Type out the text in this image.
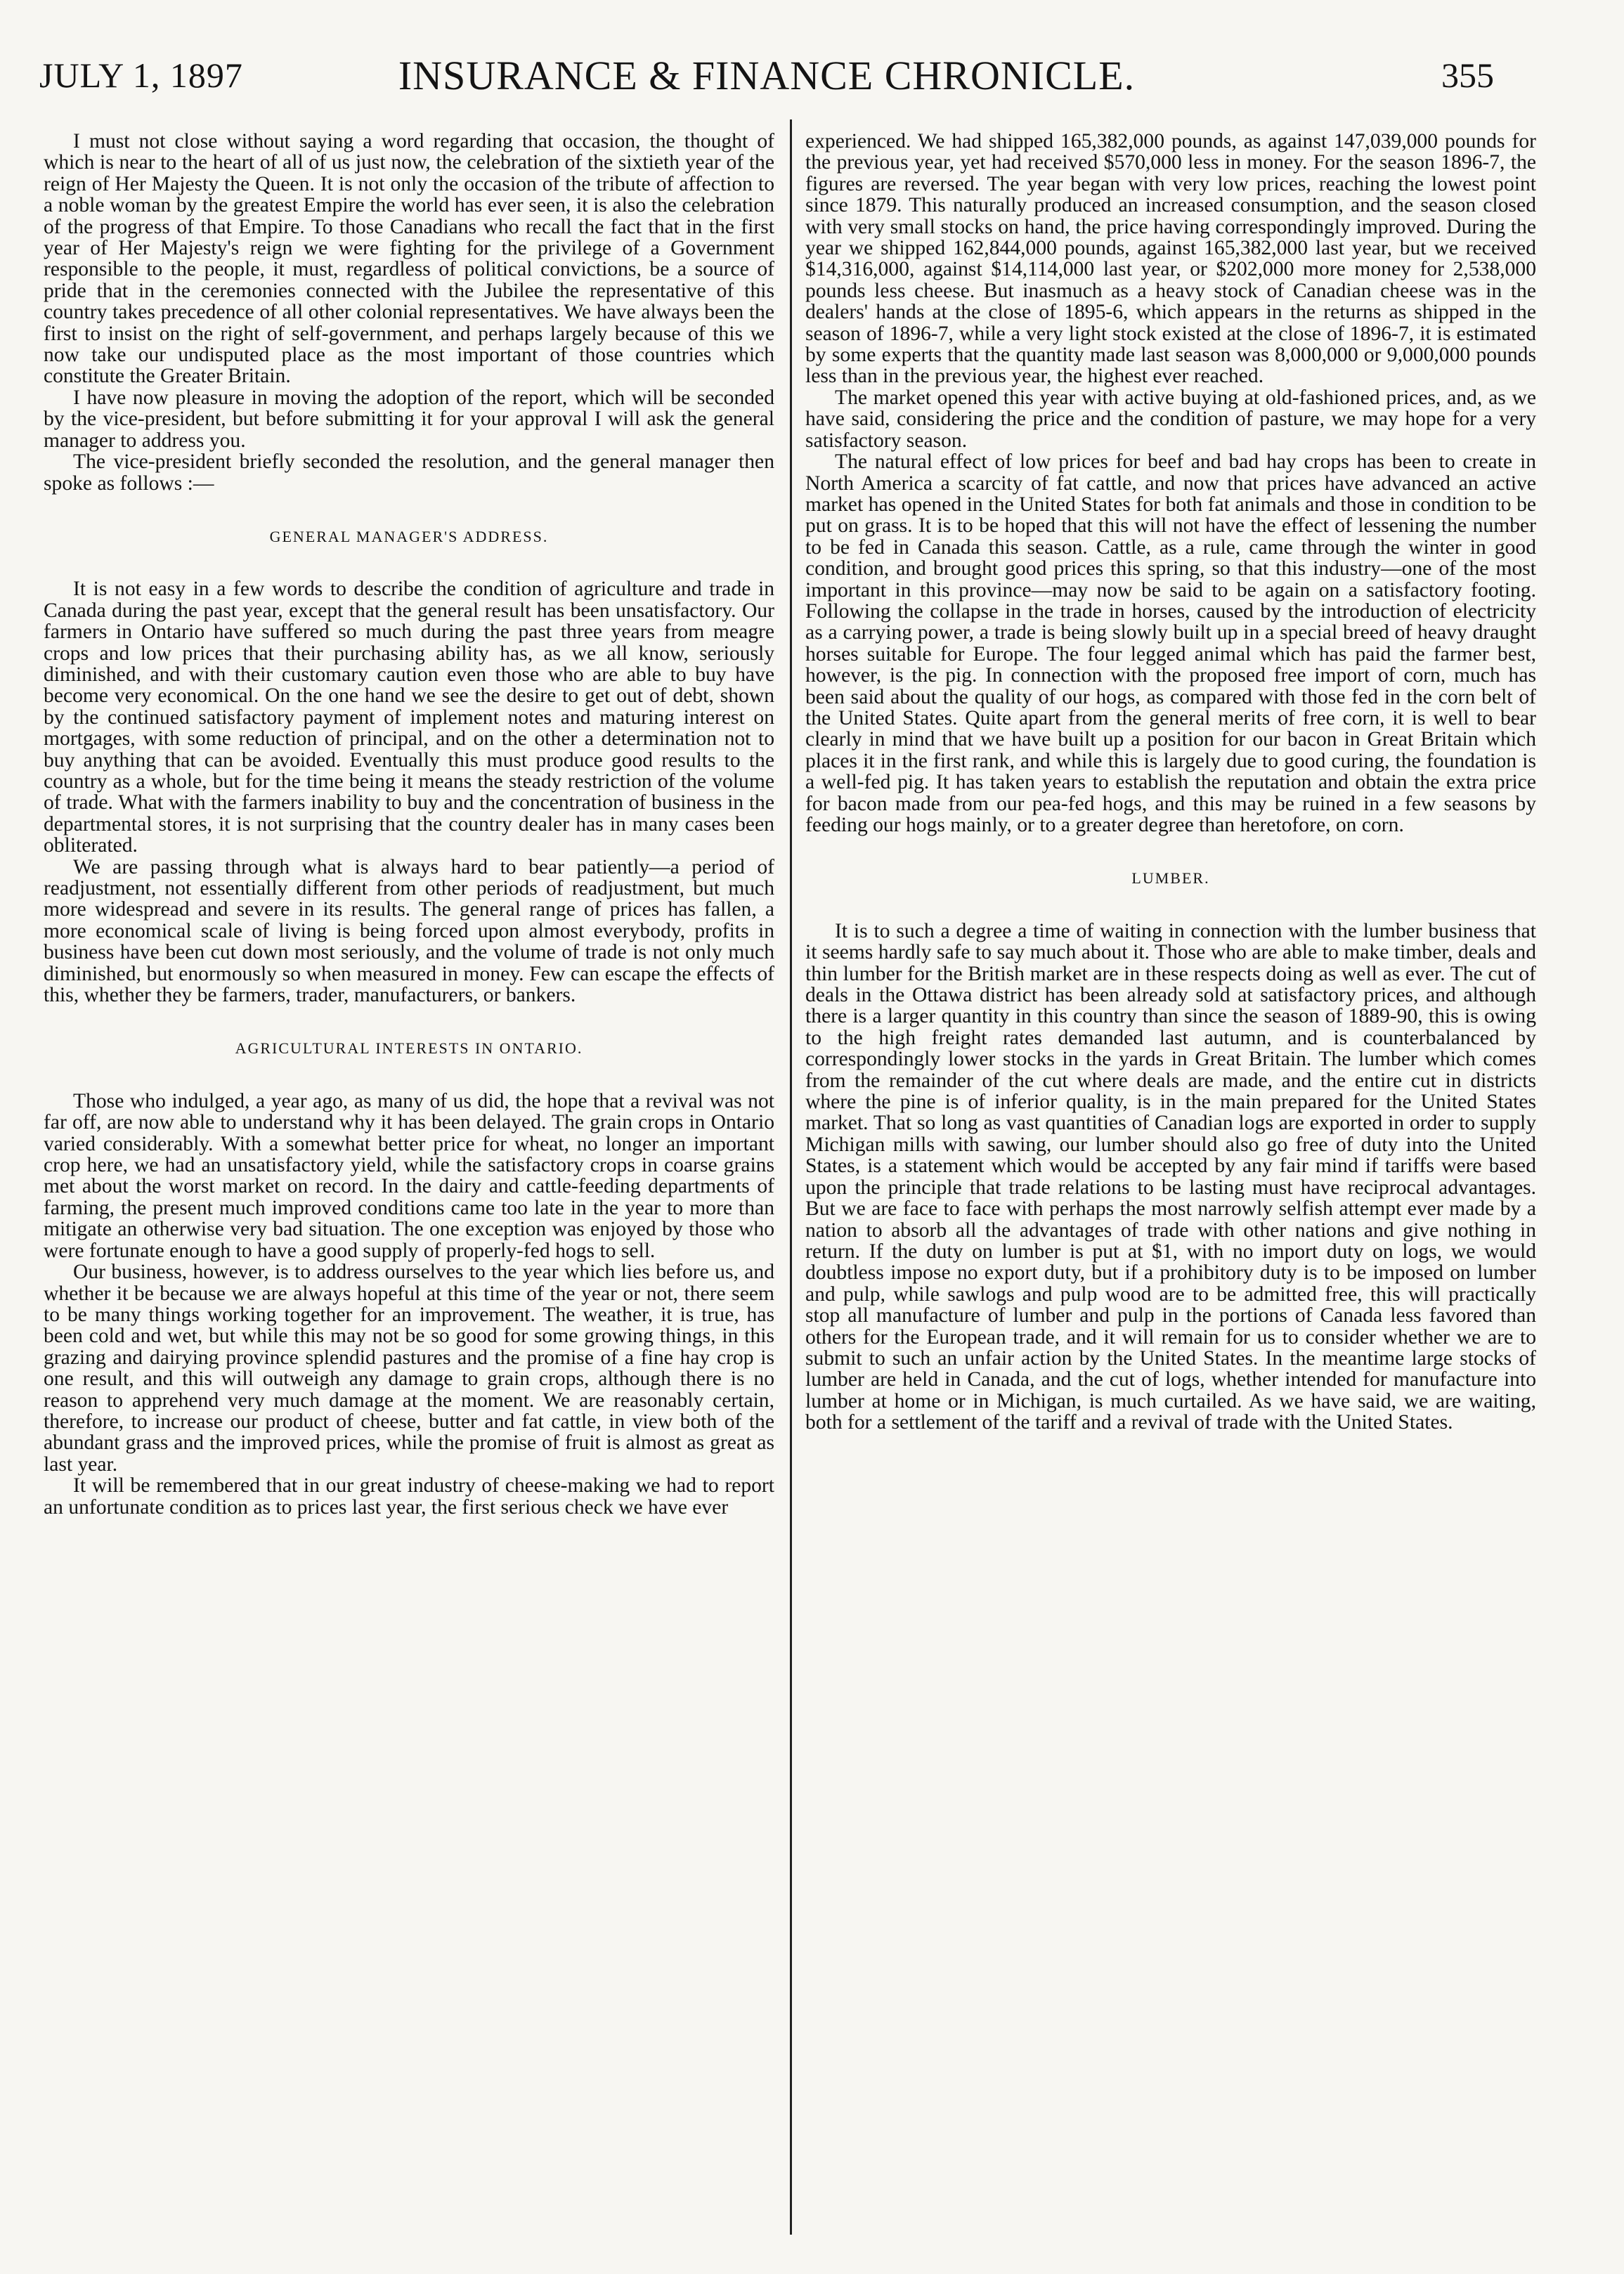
JULY 1, 1897	INSURANCE & FINANCE CHRONICLE.	355

I must not close without saying a word regarding that occasion, the thought of which is near to the heart of all of us just now, the celebration of the sixtieth year of the reign of Her Majesty the Queen. It is not only the occasion of the tribute of affection to a noble woman by the greatest Empire the world has ever seen, it is also the celebration of the progress of that Empire. To those Canadians who recall the fact that in the first year of Her Majesty's reign we were fighting for the privilege of a Government responsible to the people, it must, regardless of political convictions, be a source of pride that in the ceremonies connected with the Jubilee the representative of this country takes precedence of all other colonial representatives. We have always been the first to insist on the right of self-government, and perhaps largely because of this we now take our undisputed place as the most important of those countries which constitute the Greater Britain.

I have now pleasure in moving the adoption of the report, which will be seconded by the vice-president, but before submitting it for your approval I will ask the general manager to address you.

The vice-president briefly seconded the resolution, and the general manager then spoke as follows :—

GENERAL MANAGER'S ADDRESS.

It is not easy in a few words to describe the condition of agriculture and trade in Canada during the past year, except that the general result has been unsatisfactory. Our farmers in Ontario have suffered so much during the past three years from meagre crops and low prices that their purchasing ability has, as we all know, seriously diminished, and with their customary caution even those who are able to buy have become very economical. On the one hand we see the desire to get out of debt, shown by the continued satisfactory payment of implement notes and maturing interest on mortgages, with some reduction of principal, and on the other a determination not to buy anything that can be avoided. Eventually this must produce good results to the country as a whole, but for the time being it means the steady restriction of the volume of trade. What with the farmers inability to buy and the concentration of business in the departmental stores, it is not surprising that the country dealer has in many cases been obliterated.

We are passing through what is always hard to bear patiently—a period of readjustment, not essentially different from other periods of readjustment, but much more widespread and severe in its results. The general range of prices has fallen, a more economical scale of living is being forced upon almost everybody, profits in business have been cut down most seriously, and the volume of trade is not only much diminished, but enormously so when measured in money. Few can escape the effects of this, whether they be farmers, trader, manufacturers, or bankers.

AGRICULTURAL INTERESTS IN ONTARIO.

Those who indulged, a year ago, as many of us did, the hope that a revival was not far off, are now able to understand why it has been delayed. The grain crops in Ontario varied considerably. With a somewhat better price for wheat, no longer an important crop here, we had an unsatisfactory yield, while the satisfactory crops in coarse grains met about the worst market on record. In the dairy and cattle-feeding departments of farming, the present much improved conditions came too late in the year to more than mitigate an otherwise very bad situation. The one exception was enjoyed by those who were fortunate enough to have a good supply of properly-fed hogs to sell.

Our business, however, is to address ourselves to the year which lies before us, and whether it be because we are always hopeful at this time of the year or not, there seem to be many things working together for an improvement. The weather, it is true, has been cold and wet, but while this may not be so good for some growing things, in this grazing and dairying province splendid pastures and the promise of a fine hay crop is one result, and this will outweigh any damage to grain crops, although there is no reason to apprehend very much damage at the moment. We are reasonably certain, therefore, to increase our product of cheese, butter and fat cattle, in view both of the abundant grass and the improved prices, while the promise of fruit is almost as great as last year.

It will be remembered that in our great industry of cheese-making we had to report an unfortunate condition as to prices last year, the first serious check we have ever

experienced. We had shipped 165,382,000 pounds, as against 147,039,000 pounds for the previous year, yet had received $570,000 less in money. For the season 1896-7, the figures are reversed. The year began with very low prices, reaching the lowest point since 1879. This naturally produced an increased consumption, and the season closed with very small stocks on hand, the price having correspondingly improved. During the year we shipped 162,844,000 pounds, against 165,382,000 last year, but we received $14,316,000, against $14,114,000 last year, or $202,000 more money for 2,538,000 pounds less cheese. But inasmuch as a heavy stock of Canadian cheese was in the dealers' hands at the close of 1895-6, which appears in the returns as shipped in the season of 1896-7, while a very light stock existed at the close of 1896-7, it is estimated by some experts that the quantity made last season was 8,000,000 or 9,000,000 pounds less than in the previous year, the highest ever reached.

The market opened this year with active buying at old-fashioned prices, and, as we have said, considering the price and the condition of pasture, we may hope for a very satisfactory season.

The natural effect of low prices for beef and bad hay crops has been to create in North America a scarcity of fat cattle, and now that prices have advanced an active market has opened in the United States for both fat animals and those in condition to be put on grass. It is to be hoped that this will not have the effect of lessening the number to be fed in Canada this season. Cattle, as a rule, came through the winter in good condition, and brought good prices this spring, so that this industry—one of the most important in this province—may now be said to be again on a satisfactory footing. Following the collapse in the trade in horses, caused by the introduction of electricity as a carrying power, a trade is being slowly built up in a special breed of heavy draught horses suitable for Europe. The four legged animal which has paid the farmer best, however, is the pig. In connection with the proposed free import of corn, much has been said about the quality of our hogs, as compared with those fed in the corn belt of the United States. Quite apart from the general merits of free corn, it is well to bear clearly in mind that we have built up a position for our bacon in Great Britain which places it in the first rank, and while this is largely due to good curing, the foundation is a well-fed pig. It has taken years to establish the reputation and obtain the extra price for bacon made from our pea-fed hogs, and this may be ruined in a few seasons by feeding our hogs mainly, or to a greater degree than heretofore, on corn.

LUMBER.

It is to such a degree a time of waiting in connection with the lumber business that it seems hardly safe to say much about it. Those who are able to make timber, deals and thin lumber for the British market are in these respects doing as well as ever. The cut of deals in the Ottawa district has been already sold at satisfactory prices, and although there is a larger quantity in this country than since the season of 1889-90, this is owing to the high freight rates demanded last autumn, and is counterbalanced by correspondingly lower stocks in the yards in Great Britain. The lumber which comes from the remainder of the cut where deals are made, and the entire cut in districts where the pine is of inferior quality, is in the main prepared for the United States market. That so long as vast quantities of Canadian logs are exported in order to supply Michigan mills with sawing, our lumber should also go free of duty into the United States, is a statement which would be accepted by any fair mind if tariffs were based upon the principle that trade relations to be lasting must have reciprocal advantages. But we are face to face with perhaps the most narrowly selfish attempt ever made by a nation to absorb all the advantages of trade with other nations and give nothing in return. If the duty on lumber is put at $1, with no import duty on logs, we would doubtless impose no export duty, but if a prohibitory duty is to be imposed on lumber and pulp, while sawlogs and pulp wood are to be admitted free, this will practically stop all manufacture of lumber and pulp in the portions of Canada less favored than others for the European trade, and it will remain for us to consider whether we are to submit to such an unfair action by the United States. In the meantime large stocks of lumber are held in Canada, and the cut of logs, whether intended for manufacture into lumber at home or in Michigan, is much curtailed. As we have said, we are waiting, both for a settlement of the tariff and a revival of trade with the United States.
